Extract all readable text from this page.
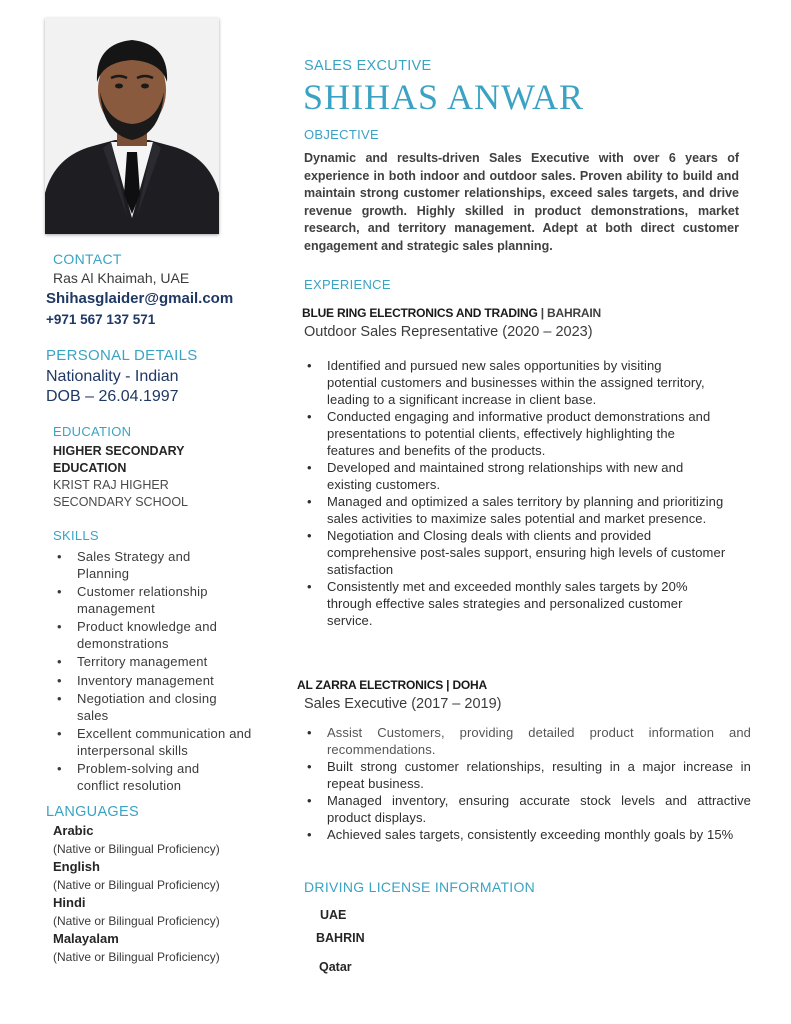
CONTACT
Ras Al Khaimah, UAE
Shihasglaider@gmail.com
+971 567 137 571
PERSONAL DETAILS
Nationality - Indian
DOB – 26.04.1997
EDUCATION
HIGHER SECONDARY
EDUCATION
KRIST RAJ HIGHER
SECONDARY SCHOOL
SKILLS
• Sales Strategy and Planning
• Customer relationship management
• Product knowledge and demonstrations
• Territory management
• Inventory management
• Negotiation and closing sales
• Excellent communication and interpersonal skills
• Problem-solving and conflict resolution
LANGUAGES
Arabic
(Native or Bilingual Proficiency)
English
(Native or Bilingual Proficiency)
Hindi
(Native or Bilingual Proficiency)
Malayalam
(Native or Bilingual Proficiency)
SALES EXCUTIVE
SHIHAS ANWAR
OBJECTIVE
Dynamic and results-driven Sales Executive with over 6 years of experience in both indoor and outdoor sales. Proven ability to build and maintain strong customer relationships, exceed sales targets, and drive revenue growth. Highly skilled in product demonstrations, market research, and territory management. Adept at both direct customer engagement and strategic sales planning.
EXPERIENCE
BLUE RING ELECTRONICS AND TRADING | BAHRAIN
Outdoor Sales Representative (2020 – 2023)
• Identified and pursued new sales opportunities by visiting potential customers and businesses within the assigned territory, leading to a significant increase in client base.
• Conducted engaging and informative product demonstrations and presentations to potential clients, effectively highlighting the features and benefits of the products.
• Developed and maintained strong relationships with new and existing customers.
• Managed and optimized a sales territory by planning and prioritizing sales activities to maximize sales potential and market presence.
• Negotiation and Closing deals with clients and provided comprehensive post-sales support, ensuring high levels of customer satisfaction
• Consistently met and exceeded monthly sales targets by 20% through effective sales strategies and personalized customer service.
AL ZARRA ELECTRONICS | DOHA
Sales Executive (2017 – 2019)
• Assist Customers, providing detailed product information and recommendations.
• Built strong customer relationships, resulting in a major increase in repeat business.
• Managed inventory, ensuring accurate stock levels and attractive product displays.
• Achieved sales targets, consistently exceeding monthly goals by 15%
DRIVING LICENSE INFORMATION
UAE
BAHRIN
Qatar
